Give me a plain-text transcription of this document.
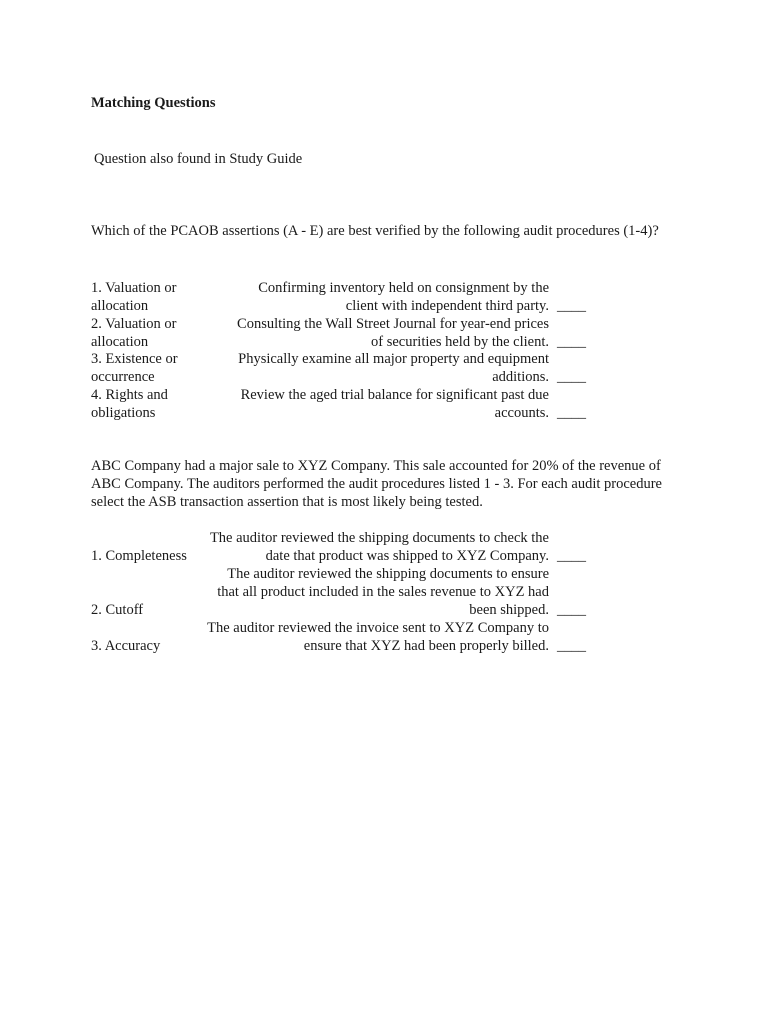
Matching Questions
Question also found in Study Guide
Which of the PCAOB assertions (A - E) are best verified by the following audit procedures (1-4)?
1. Valuation or allocation
Confirming inventory held on consignment by the client with independent third party. ____
2. Valuation or allocation
Consulting the Wall Street Journal for year-end prices of securities held by the client. ____
3. Existence or occurrence
Physically examine all major property and equipment additions. ____
4. Rights and obligations
Review the aged trial balance for significant past due accounts. ____
ABC Company had a major sale to XYZ Company. This sale accounted for 20% of the revenue of ABC Company. The auditors performed the audit procedures listed 1 - 3. For each audit procedure select the ASB transaction assertion that is most likely being tested.
1. Completeness
The auditor reviewed the shipping documents to check the date that product was shipped to XYZ Company. ____
2. Cutoff
The auditor reviewed the shipping documents to ensure that all product included in the sales revenue to XYZ had been shipped. ____
3. Accuracy
The auditor reviewed the invoice sent to XYZ Company to ensure that XYZ had been properly billed. ____
